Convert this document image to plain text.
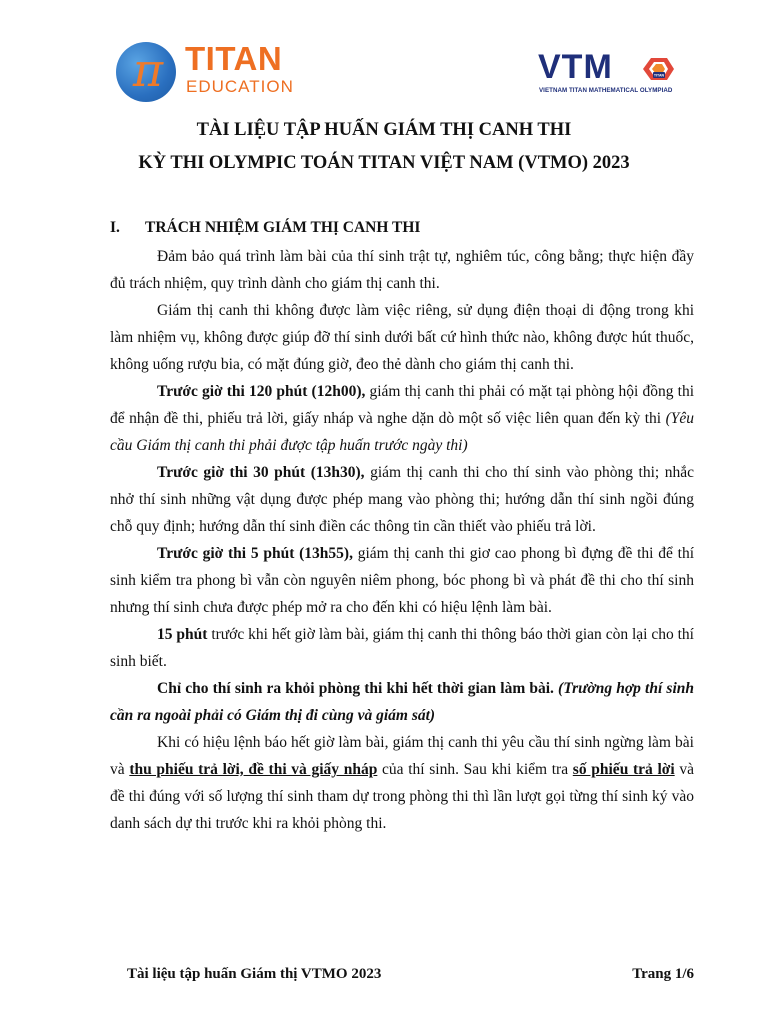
π TITAN
EDUCATION
VTM	TITAN
VIETNAM TITAN MATHEMATICAL OLYMPIAD
TÀI LIỆU TẬP HUẤN GIÁM THỊ CANH THI
KỲ THI OLYMPIC TOÁN TITAN VIỆT NAM (VTMO) 2023
I. TRÁCH NHIỆM GIÁM THỊ CANH THI

Đảm bảo quá trình làm bài của thí sinh trật tự, nghiêm túc, công bằng; thực hiện đầy đủ trách nhiệm, quy trình dành cho giám thị canh thi.

Giám thị canh thi không được làm việc riêng, sử dụng điện thoại di động trong khi làm nhiệm vụ, không được giúp đỡ thí sinh dưới bất cứ hình thức nào, không được hút thuốc, không uống rượu bia, có mặt đúng giờ, đeo thẻ dành cho giám thị canh thi.

Trước giờ thi 120 phút (12h00), giám thị canh thi phải có mặt tại phòng hội đồng thi để nhận đề thi, phiếu trả lời, giấy nháp và nghe dặn dò một số việc liên quan đến kỳ thi (Yêu cầu Giám thị canh thi phải được tập huấn trước ngày thi)

Trước giờ thi 30 phút (13h30), giám thị canh thi cho thí sinh vào phòng thi; nhắc nhở thí sinh những vật dụng được phép mang vào phòng thi; hướng dẫn thí sinh ngồi đúng chỗ quy định; hướng dẫn thí sinh điền các thông tin cần thiết vào phiếu trả lời.

Trước giờ thi 5 phút (13h55), giám thị canh thi giơ cao phong bì đựng đề thi để thí sinh kiểm tra phong bì vẫn còn nguyên niêm phong, bóc phong bì và phát đề thi cho thí sinh nhưng thí sinh chưa được phép mở ra cho đến khi có hiệu lệnh làm bài.

15 phút trước khi hết giờ làm bài, giám thị canh thi thông báo thời gian còn lại cho thí sinh biết.

Chỉ cho thí sinh ra khỏi phòng thi khi hết thời gian làm bài. (Trường hợp thí sinh cần ra ngoài phải có Giám thị đi cùng và giám sát)

Khi có hiệu lệnh báo hết giờ làm bài, giám thị canh thi yêu cầu thí sinh ngừng làm bài và thu phiếu trả lời, đề thi và giấy nháp của thí sinh. Sau khi kiểm tra số phiếu trả lời và đề thi đúng với số lượng thí sinh tham dự trong phòng thi thì lần lượt gọi từng thí sinh ký vào danh sách dự thi trước khi ra khỏi phòng thi.

Tài liệu tập huấn Giám thị VTMO 2023	Trang 1/6
